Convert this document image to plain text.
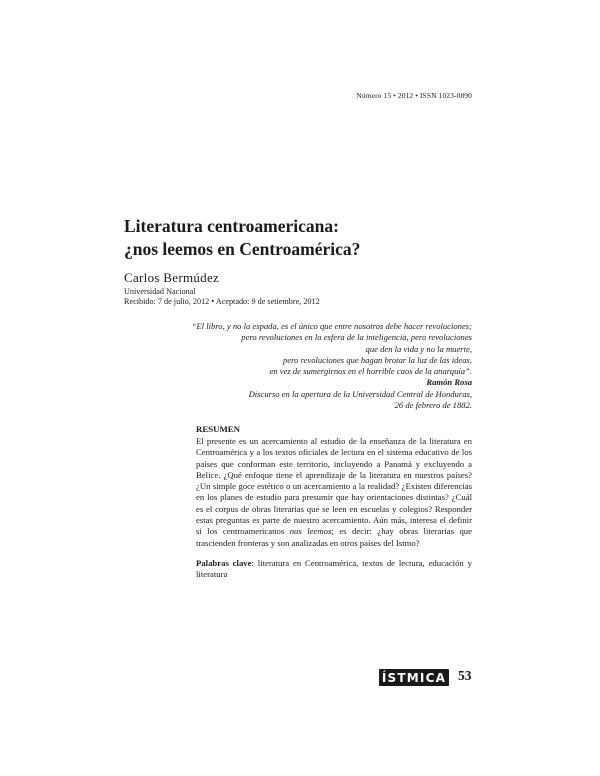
Número 15 • 2012 • ISSN 1023-0890
Literatura centroamericana:
¿nos leemos en Centroamérica?
Carlos Bermúdez
Universidad Nacional
Recibido: 7 de julio, 2012 • Aceptado: 9 de setiembre, 2012
“El libro, y no la espada, es el único que entre nosotros debe hacer revoluciones;
pero revoluciones en la esfera de la inteligencia, pero revoluciones
que den la vida y no la muerte,
pero revoluciones que hagan brotar la luz de las ideas,
en vez de sumergirnos en el horrible caos de la anarquía”.
Ramón Rosa
Discurso en la apertura de la Universidad Central de Honduras,
26 de febrero de 1882.
RESUMEN

El presente es un acercamiento al estudio de la enseñanza de la literatura en Centroamérica y a los textos oficiales de lectura en el sistema educativo de los países que conforman este territorio, incluyendo a Panamá y excluyendo a Belice. ¿Qué enfoque tiene el aprendizaje de la literatura en nuestros países? ¿Un simple goce estético o un acercamiento a la realidad? ¿Existen diferencias en los planes de estudio para presumir que hay orientaciones distintas? ¿Cuál es el corpus de obras literarias que se leen en escuelas y colegios? Responder estas preguntas es parte de nuestro acercamiento. Aún más, interesa el definir si los centroamericanos nos leemos; es decir: ¿hay obras literarias que trascienden fronteras y son analizadas en otros países del Istmo?

Palabras clave: literatura en Centroamérica, textos de lectura, educación y literatura
ÍSTMICA 53
